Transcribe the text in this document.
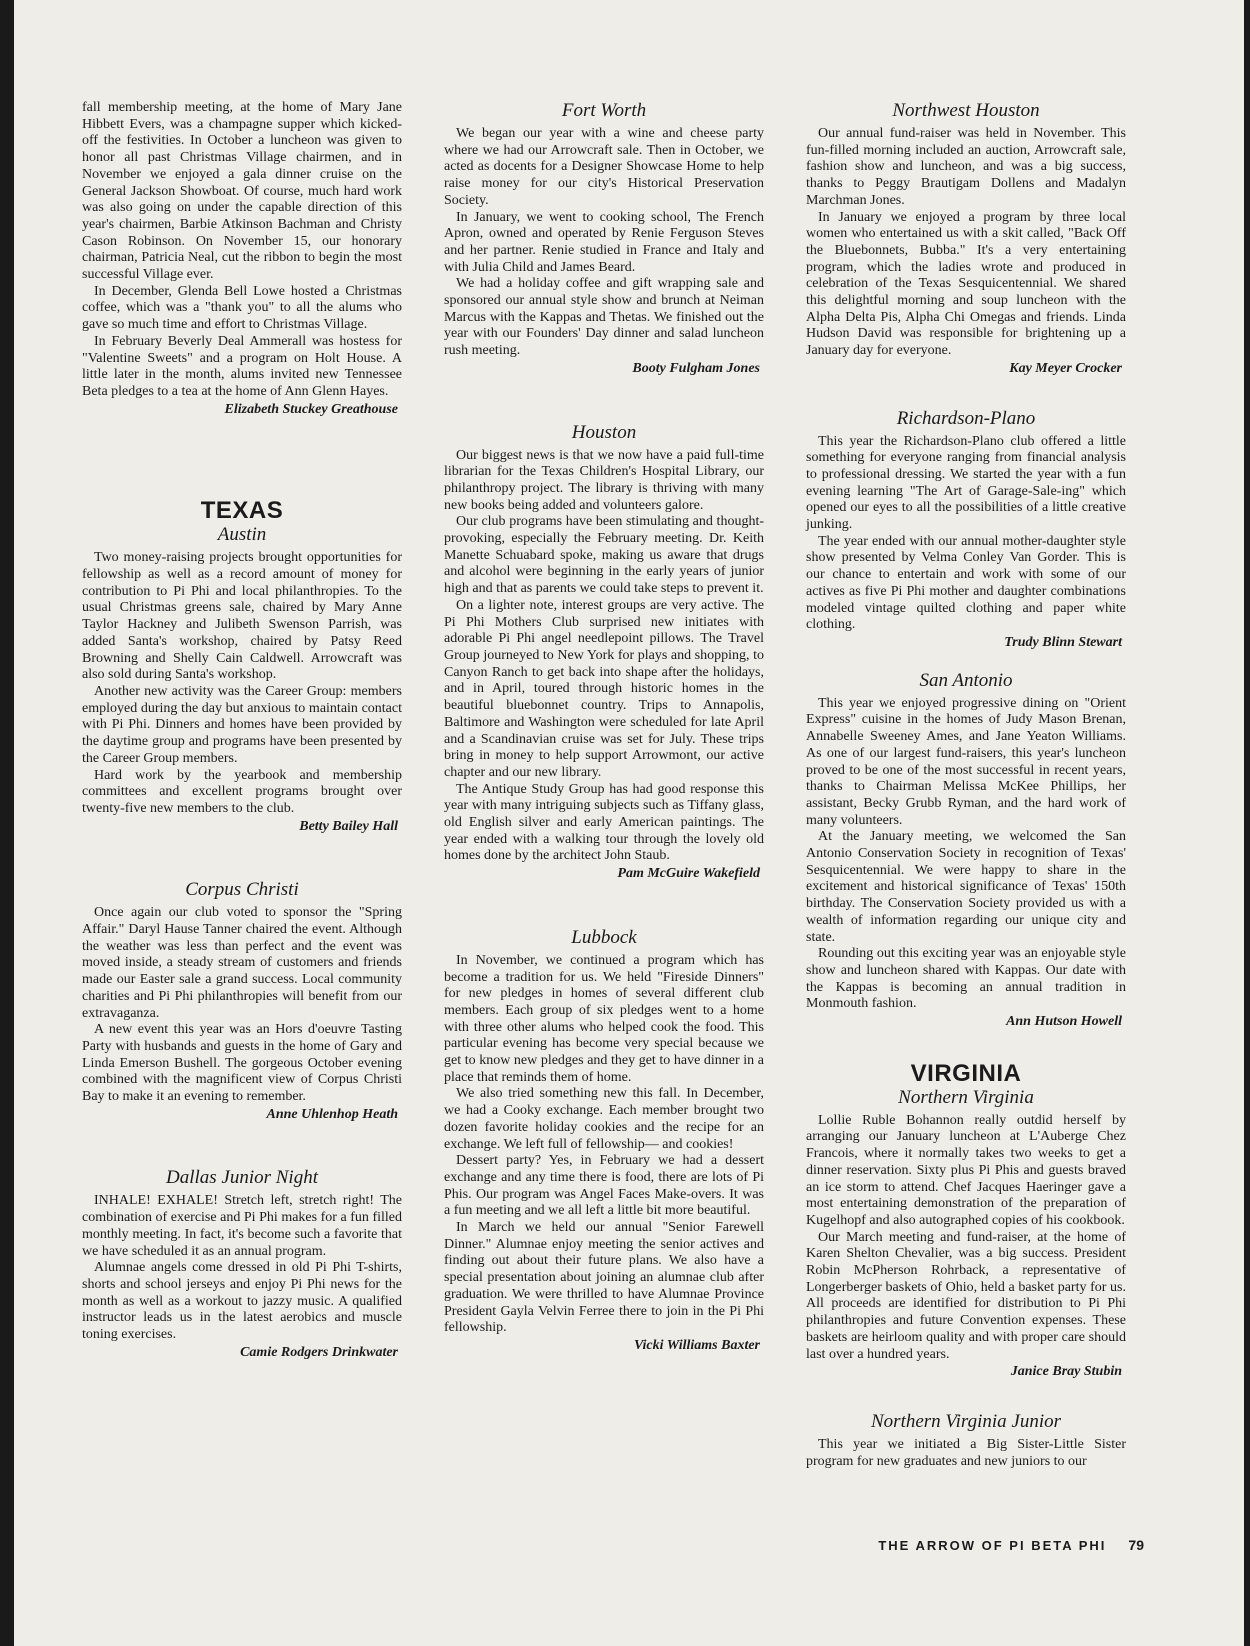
fall membership meeting, at the home of Mary Jane Hibbett Evers, was a champagne supper which kicked-off the festivities. In October a luncheon was given to honor all past Christmas Village chairmen, and in November we enjoyed a gala dinner cruise on the General Jackson Showboat. Of course, much hard work was also going on under the capable direction of this year's chairmen, Barbie Atkinson Bachman and Christy Cason Robinson. On November 15, our honorary chairman, Patricia Neal, cut the ribbon to begin the most successful Village ever.

In December, Glenda Bell Lowe hosted a Christmas coffee, which was a "thank you" to all the alums who gave so much time and effort to Christmas Village.

In February Beverly Deal Ammerall was hostess for "Valentine Sweets" and a program on Holt House. A little later in the month, alums invited new Tennessee Beta pledges to a tea at the home of Ann Glenn Hayes.

Elizabeth Stuckey Greathouse
TEXAS
Austin

Two money-raising projects brought opportunities for fellowship as well as a record amount of money for contribution to Pi Phi and local philanthropies. To the usual Christmas greens sale, chaired by Mary Anne Taylor Hackney and Julibeth Swenson Parrish, was added Santa's workshop, chaired by Patsy Reed Browning and Shelly Cain Caldwell. Arrowcraft was also sold during Santa's workshop.

Another new activity was the Career Group: members employed during the day but anxious to maintain contact with Pi Phi. Dinners and homes have been provided by the daytime group and programs have been presented by the Career Group members.

Hard work by the yearbook and membership committees and excellent programs brought over twenty-five new members to the club.

Betty Bailey Hall
Corpus Christi

Once again our club voted to sponsor the "Spring Affair." Daryl Hause Tanner chaired the event. Although the weather was less than perfect and the event was moved inside, a steady stream of customers and friends made our Easter sale a grand success. Local community charities and Pi Phi philanthropies will benefit from our extravaganza.

A new event this year was an Hors d'oeuvre Tasting Party with husbands and guests in the home of Gary and Linda Emerson Bushell. The gorgeous October evening combined with the magnificent view of Corpus Christi Bay to make it an evening to remember.

Anne Uhlenhop Heath
Dallas Junior Night

INHALE! EXHALE! Stretch left, stretch right! The combination of exercise and Pi Phi makes for a fun filled monthly meeting. In fact, it's become such a favorite that we have scheduled it as an annual program.

Alumnae angels come dressed in old Pi Phi T-shirts, shorts and school jerseys and enjoy Pi Phi news for the month as well as a workout to jazzy music. A qualified instructor leads us in the latest aerobics and muscle toning exercises.

Camie Rodgers Drinkwater
Fort Worth

We began our year with a wine and cheese party where we had our Arrowcraft sale. Then in October, we acted as docents for a Designer Showcase Home to help raise money for our city's Historical Preservation Society.

In January, we went to cooking school, The French Apron, owned and operated by Renie Ferguson Steves and her partner. Renie studied in France and Italy and with Julia Child and James Beard.

We had a holiday coffee and gift wrapping sale and sponsored our annual style show and brunch at Neiman Marcus with the Kappas and Thetas. We finished out the year with our Founders' Day dinner and salad luncheon rush meeting.

Booty Fulgham Jones
Houston

Our biggest news is that we now have a paid full-time librarian for the Texas Children's Hospital Library, our philanthropy project. The library is thriving with many new books being added and volunteers galore.

Our club programs have been stimulating and thought-provoking, especially the February meeting. Dr. Keith Manette Schuabard spoke, making us aware that drugs and alcohol were beginning in the early years of junior high and that as parents we could take steps to prevent it.

On a lighter note, interest groups are very active. The Pi Phi Mothers Club surprised new initiates with adorable Pi Phi angel needlepoint pillows. The Travel Group journeyed to New York for plays and shopping, to Canyon Ranch to get back into shape after the holidays, and in April, toured through historic homes in the beautiful bluebonnet country. Trips to Annapolis, Baltimore and Washington were scheduled for late April and a Scandinavian cruise was set for July. These trips bring in money to help support Arrowmont, our active chapter and our new library.

The Antique Study Group has had good response this year with many intriguing subjects such as Tiffany glass, old English silver and early American paintings. The year ended with a walking tour through the lovely old homes done by the architect John Staub.

Pam McGuire Wakefield
Lubbock

In November, we continued a program which has become a tradition for us. We held "Fireside Dinners" for new pledges in homes of several different club members. Each group of six pledges went to a home with three other alums who helped cook the food. This particular evening has become very special because we get to know new pledges and they get to have dinner in a place that reminds them of home.

We also tried something new this fall. In December, we had a Cooky exchange. Each member brought two dozen favorite holiday cookies and the recipe for an exchange. We left full of fellowship— and cookies!

Dessert party? Yes, in February we had a dessert exchange and any time there is food, there are lots of Pi Phis. Our program was Angel Faces Make-overs. It was a fun meeting and we all left a little bit more beautiful.

In March we held our annual "Senior Farewell Dinner." Alumnae enjoy meeting the senior actives and finding out about their future plans. We also have a special presentation about joining an alumnae club after graduation. We were thrilled to have Alumnae Province President Gayla Velvin Ferree there to join in the Pi Phi fellowship.

Vicki Williams Baxter
Northwest Houston

Our annual fund-raiser was held in November. This fun-filled morning included an auction, Arrowcraft sale, fashion show and luncheon, and was a big success, thanks to Peggy Brautigam Dollens and Madalyn Marchman Jones.

In January we enjoyed a program by three local women who entertained us with a skit called, "Back Off the Bluebonnets, Bubba." It's a very entertaining program, which the ladies wrote and produced in celebration of the Texas Sesquicentennial. We shared this delightful morning and soup luncheon with the Alpha Delta Pis, Alpha Chi Omegas and friends. Linda Hudson David was responsible for brightening up a January day for everyone.

Kay Meyer Crocker
Richardson-Plano

This year the Richardson-Plano club offered a little something for everyone ranging from financial analysis to professional dressing. We started the year with a fun evening learning "The Art of Garage-Sale-ing" which opened our eyes to all the possibilities of a little creative junking.

The year ended with our annual mother-daughter style show presented by Velma Conley Van Gorder. This is our chance to entertain and work with some of our actives as five Pi Phi mother and daughter combinations modeled vintage quilted clothing and paper white clothing.

Trudy Blinn Stewart
San Antonio

This year we enjoyed progressive dining on "Orient Express" cuisine in the homes of Judy Mason Brenan, Annabelle Sweeney Ames, and Jane Yeaton Williams. As one of our largest fund-raisers, this year's luncheon proved to be one of the most successful in recent years, thanks to Chairman Melissa McKee Phillips, her assistant, Becky Grubb Ryman, and the hard work of many volunteers.

At the January meeting, we welcomed the San Antonio Conservation Society in recognition of Texas' Sesquicentennial. We were happy to share in the excitement and historical significance of Texas' 150th birthday. The Conservation Society provided us with a wealth of information regarding our unique city and state.

Rounding out this exciting year was an enjoyable style show and luncheon shared with Kappas. Our date with the Kappas is becoming an annual tradition in Monmouth fashion.

Ann Hutson Howell
VIRGINIA
Northern Virginia

Lollie Ruble Bohannon really outdid herself by arranging our January luncheon at L'Auberge Chez Francois, where it normally takes two weeks to get a dinner reservation. Sixty plus Pi Phis and guests braved an ice storm to attend. Chef Jacques Haeringer gave a most entertaining demonstration of the preparation of Kugelhopf and also autographed copies of his cookbook.

Our March meeting and fund-raiser, at the home of Karen Shelton Chevalier, was a big success. President Robin McPherson Rohrback, a representative of Longerberger baskets of Ohio, held a basket party for us. All proceeds are identified for distribution to Pi Phi philanthropies and future Convention expenses. These baskets are heirloom quality and with proper care should last over a hundred years.

Janice Bray Stubin
Northern Virginia Junior

This year we initiated a Big Sister-Little Sister program for new graduates and new juniors to our

THE ARROW OF PI BETA PHI 79
